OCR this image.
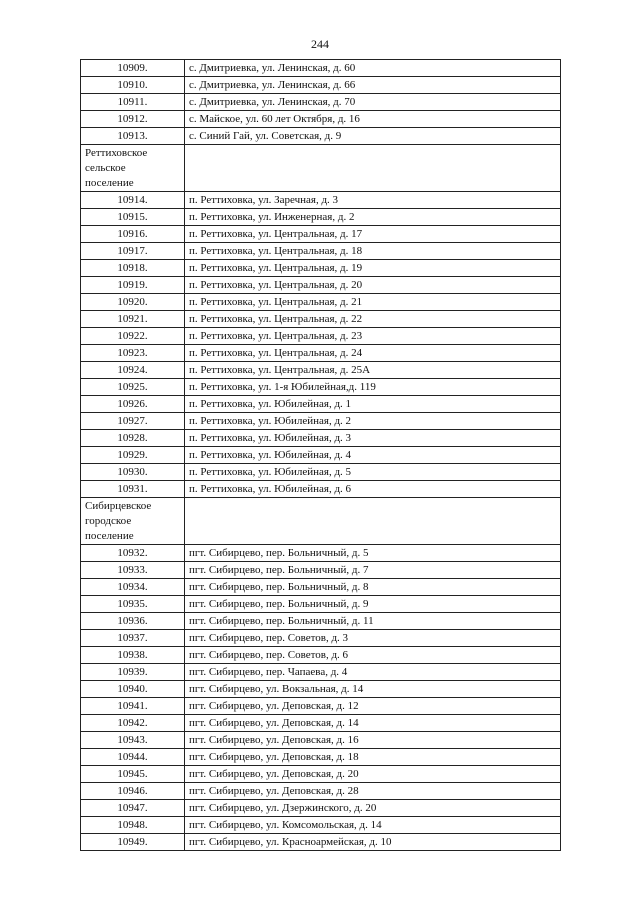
244
10909.	с. Дмитриевка, ул. Ленинская, д. 60
10910.	с. Дмитриевка, ул. Ленинская, д. 66
10911.	с. Дмитриевка, ул. Ленинская, д. 70
10912.	с. Майское, ул. 60 лет Октября, д. 16
10913.	с. Синий Гай, ул. Советская, д. 9

Реттиховское
сельское
поселение	

10914.	п. Реттиховка, ул. Заречная, д. 3
10915.	п. Реттиховка, ул. Инженерная, д. 2
10916.	п. Реттиховка, ул. Центральная, д. 17
10917.	п. Реттиховка, ул. Центральная, д. 18
10918.	п. Реттиховка, ул. Центральная, д. 19
10919.	п. Реттиховка, ул. Центральная, д. 20
10920.	п. Реттиховка, ул. Центральная, д. 21
10921.	п. Реттиховка, ул. Центральная, д. 22
10922.	п. Реттиховка, ул. Центральная, д. 23
10923.	п. Реттиховка, ул. Центральная, д. 24
10924.	п. Реттиховка, ул. Центральная, д. 25А
10925.	п. Реттиховка, ул. 1-я Юбилейная,д. 119
10926.	п. Реттиховка, ул. Юбилейная, д. 1
10927.	п. Реттиховка, ул. Юбилейная, д. 2
10928.	п. Реттиховка, ул. Юбилейная, д. 3
10929.	п. Реттиховка, ул. Юбилейная, д. 4
10930.	п. Реттиховка, ул. Юбилейная, д. 5
10931.	п. Реттиховка, ул. Юбилейная, д. 6

Сибирцевское
городское
поселение	

10932.	пгт. Сибирцево, пер. Больничный, д. 5
10933.	пгт. Сибирцево, пер. Больничный, д. 7
10934.	пгт. Сибирцево, пер. Больничный, д. 8
10935.	пгт. Сибирцево, пер. Больничный, д. 9
10936.	пгт. Сибирцево, пер. Больничный, д. 11
10937.	пгт. Сибирцево, пер. Советов, д. 3
10938.	пгт. Сибирцево, пер. Советов, д. 6
10939.	пгт. Сибирцево, пер. Чапаева, д. 4
10940.	пгт. Сибирцево, ул. Вокзальная, д. 14
10941.	пгт. Сибирцево, ул. Деповская, д. 12
10942.	пгт. Сибирцево, ул. Деповская, д. 14
10943.	пгт. Сибирцево, ул. Деповская, д. 16
10944.	пгт. Сибирцево, ул. Деповская, д. 18
10945.	пгт. Сибирцево, ул. Деповская, д. 20
10946.	пгт. Сибирцево, ул. Деповская, д. 28
10947.	пгт. Сибирцево, ул. Дзержинского, д. 20
10948.	пгт. Сибирцево, ул. Комсомольская, д. 14
10949.	пгт. Сибирцево, ул. Красноармейская, д. 10
